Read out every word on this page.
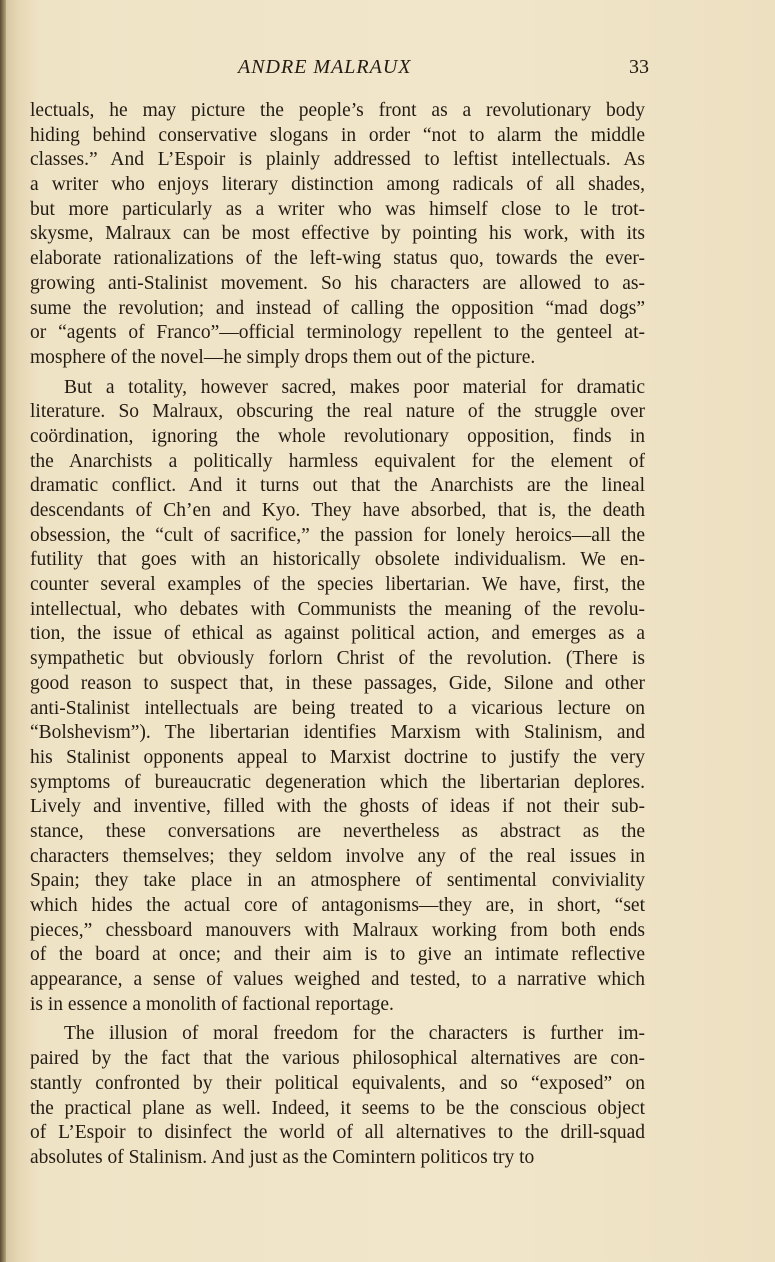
ANDRE MALRAUX	33
lectuals, he may picture the people’s front as a revolutionary body
hiding behind conservative slogans in order “not to alarm the middle
classes.” And L’Espoir is plainly addressed to leftist intellectuals. As
a writer who enjoys literary distinction among radicals of all shades,
but more particularly as a writer who was himself close to le trot-
skysme, Malraux can be most effective by pointing his work, with its
elaborate rationalizations of the left-wing status quo, towards the ever-
growing anti-Stalinist movement. So his characters are allowed to as-
sume the revolution; and instead of calling the opposition “mad dogs”
or “agents of Franco”—official terminology repellent to the genteel at-
mosphere of the novel—he simply drops them out of the picture.
But a totality, however sacred, makes poor material for dramatic
literature. So Malraux, obscuring the real nature of the struggle over
coördination, ignoring the whole revolutionary opposition, finds in
the Anarchists a politically harmless equivalent for the element of
dramatic conflict. And it turns out that the Anarchists are the lineal
descendants of Ch’en and Kyo. They have absorbed, that is, the death
obsession, the “cult of sacrifice,” the passion for lonely heroics—all the
futility that goes with an historically obsolete individualism. We en-
counter several examples of the species libertarian. We have, first, the
intellectual, who debates with Communists the meaning of the revolu-
tion, the issue of ethical as against political action, and emerges as a
sympathetic but obviously forlorn Christ of the revolution. (There is
good reason to suspect that, in these passages, Gide, Silone and other
anti-Stalinist intellectuals are being treated to a vicarious lecture on
“Bolshevism”). The libertarian identifies Marxism with Stalinism, and
his Stalinist opponents appeal to Marxist doctrine to justify the very
symptoms of bureaucratic degeneration which the libertarian deplores.
Lively and inventive, filled with the ghosts of ideas if not their sub-
stance, these conversations are nevertheless as abstract as the
characters themselves; they seldom involve any of the real issues in
Spain; they take place in an atmosphere of sentimental conviviality
which hides the actual core of antagonisms—they are, in short, “set
pieces,” chessboard manouvers with Malraux working from both ends
of the board at once; and their aim is to give an intimate reflective
appearance, a sense of values weighed and tested, to a narrative which
is in essence a monolith of factional reportage.
The illusion of moral freedom for the characters is further im-
paired by the fact that the various philosophical alternatives are con-
stantly confronted by their political equivalents, and so “exposed” on
the practical plane as well. Indeed, it seems to be the conscious object
of L’Espoir to disinfect the world of all alternatives to the drill-squad
absolutes of Stalinism. And just as the Comintern politicos try to
